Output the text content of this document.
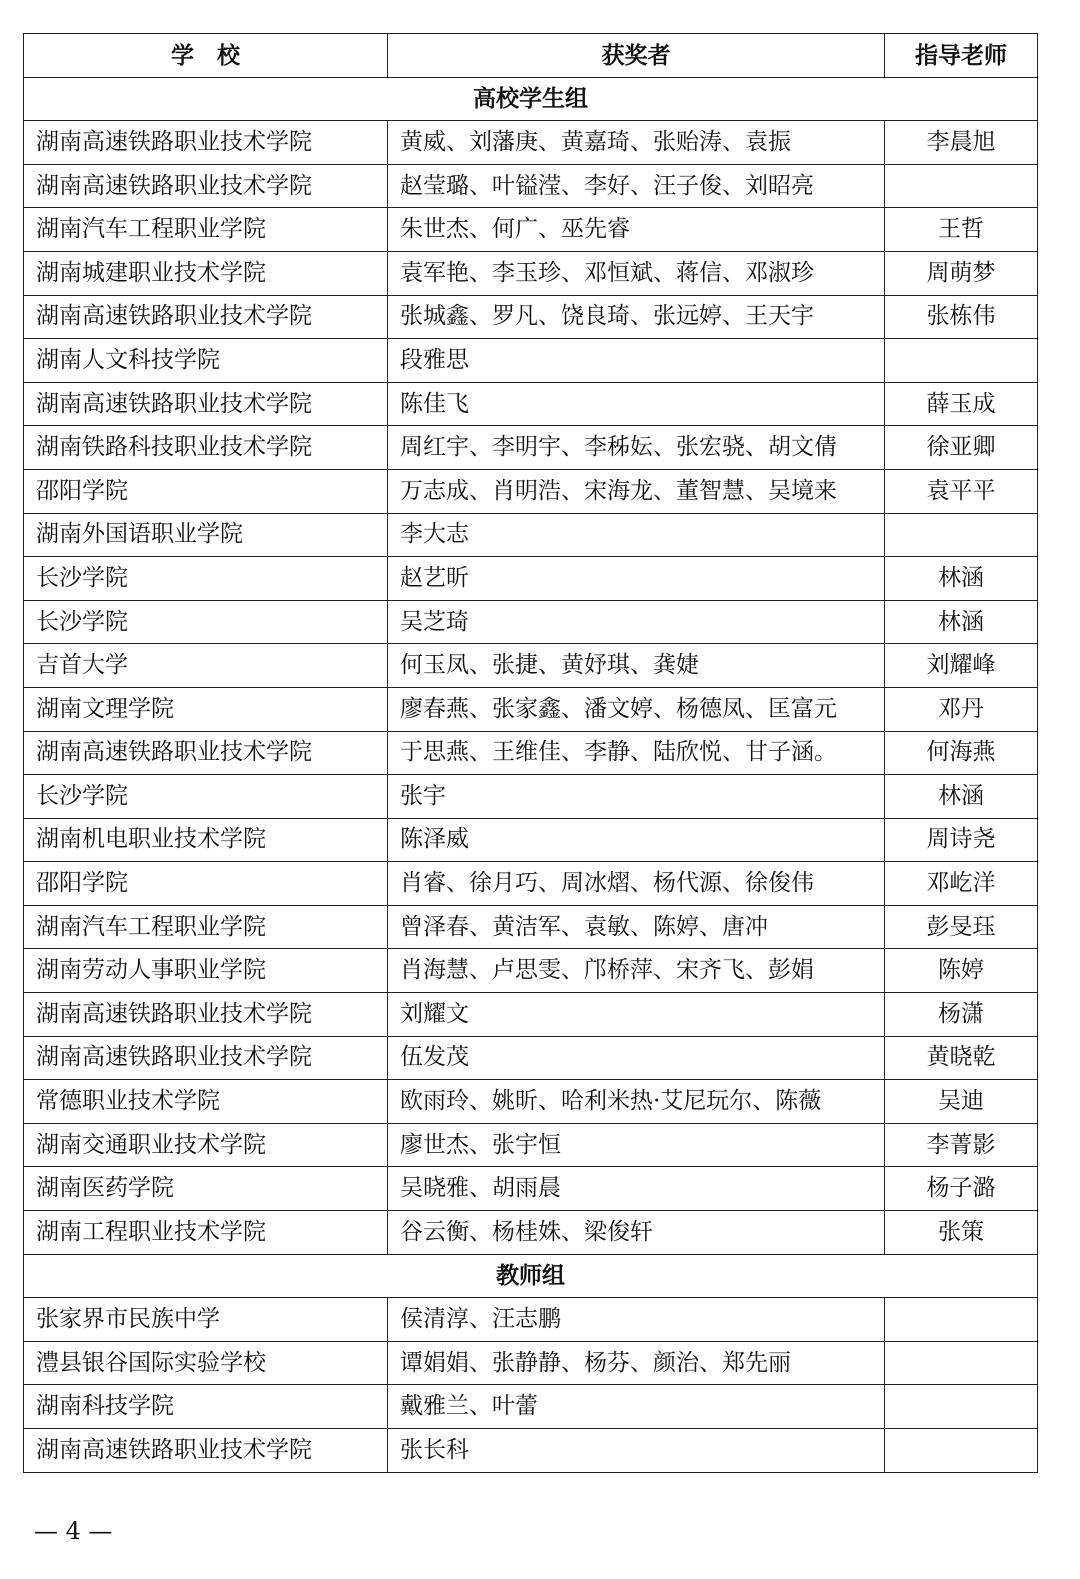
学　校	获奖者	指导老师
高校学生组		
湖南高速铁路职业技术学院	黄威、刘藩庚、黄嘉琦、张贻涛、袁振	李晨旭
湖南高速铁路职业技术学院	赵莹璐、叶镒滢、李好、汪子俊、刘昭亮	
湖南汽车工程职业学院	朱世杰、何广、巫先睿	王哲
湖南城建职业技术学院	袁军艳、李玉珍、邓恒斌、蒋信、邓淑珍	周萌梦
湖南高速铁路职业技术学院	张城鑫、罗凡、饶良琦、张远婷、王天宇	张栋伟
湖南人文科技学院	段雅思	
湖南高速铁路职业技术学院	陈佳飞	薛玉成
湖南铁路科技职业技术学院	周红宇、李明宇、李秭妘、张宏骁、胡文倩	徐亚卿
邵阳学院	万志成、肖明浩、宋海龙、董智慧、吴境来	袁平平
湖南外国语职业学院	李大志	
长沙学院	赵艺昕	林涵
长沙学院	吴芝琦	林涵
吉首大学	何玉凤、张捷、黄妤琪、龚婕	刘耀峰
湖南文理学院	廖春燕、张家鑫、潘文婷、杨德凤、匡富元	邓丹
湖南高速铁路职业技术学院	于思燕、王维佳、李静、陆欣悦、甘子涵。	何海燕
长沙学院	张宇	林涵
湖南机电职业技术学院	陈泽威	周诗尧
邵阳学院	肖睿、徐月巧、周冰熠、杨代源、徐俊伟	邓屹洋
湖南汽车工程职业学院	曾泽春、黄洁军、袁敏、陈婷、唐冲	彭旻珏
湖南劳动人事职业学院	肖海慧、卢思雯、邝桥萍、宋齐飞、彭娟	陈婷
湖南高速铁路职业技术学院	刘耀文	杨潇
湖南高速铁路职业技术学院	伍发茂	黄晓乾
常德职业技术学院	欧雨玲、姚昕、哈利米热·艾尼玩尔、陈薇	吴迪
湖南交通职业技术学院	廖世杰、张宇恒	李菁影
湖南医药学院	吴晓雅、胡雨晨	杨子潞
湖南工程职业技术学院	谷云衡、杨桂姝、梁俊轩	张策
教师组		
张家界市民族中学	侯清淳、汪志鹏	
澧县银谷国际实验学校	谭娟娟、张静静、杨芬、颜治、郑先丽	
湖南科技学院	戴雅兰、叶蕾	
湖南高速铁路职业技术学院	张长科	
— 4 —
